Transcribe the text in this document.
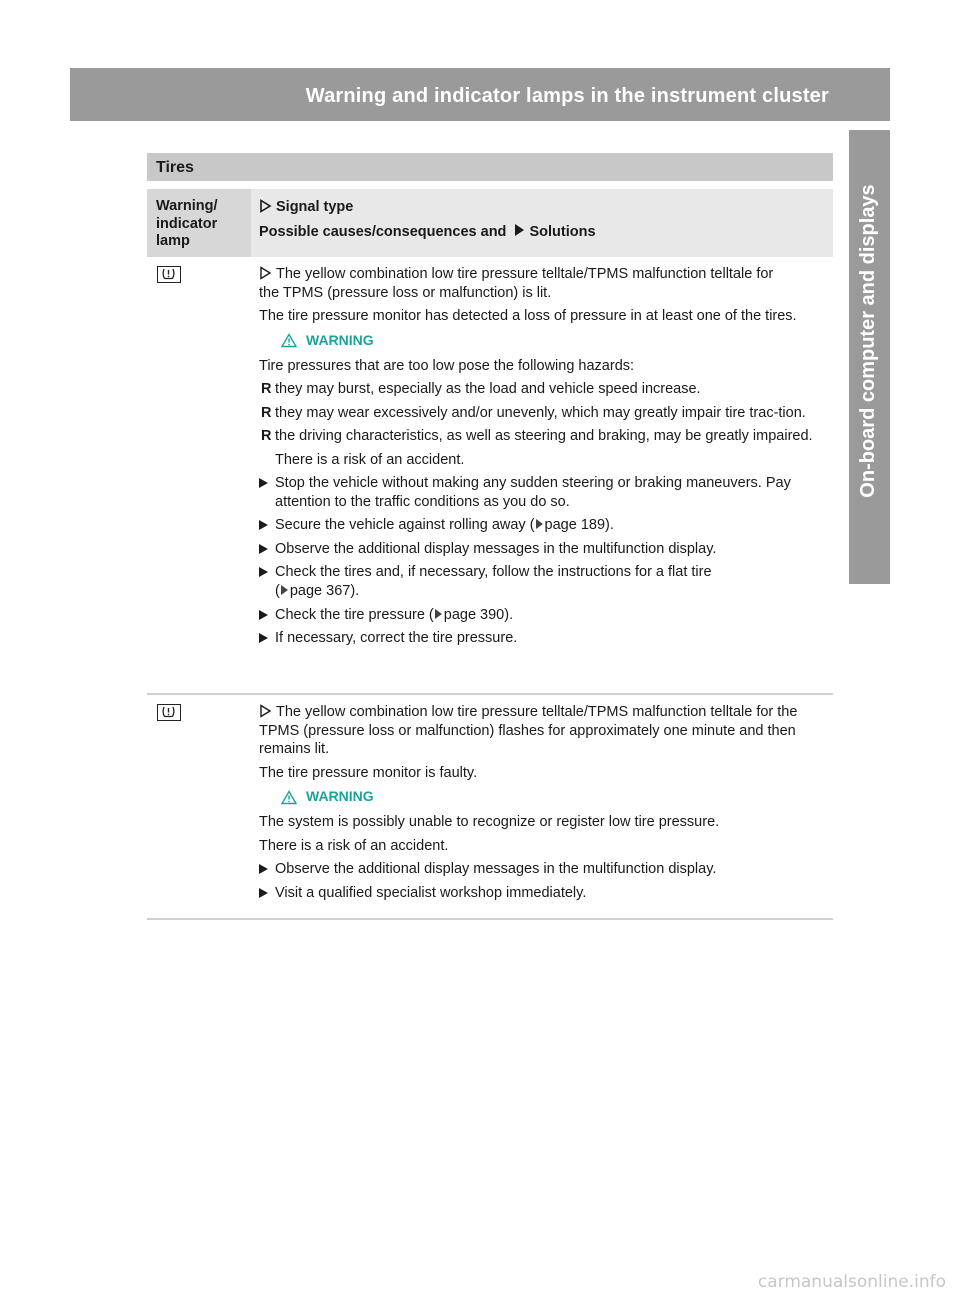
Warning and indicator lamps in the instrument cluster	323
On-board computer and displays
Tires
Warning/
indicator
lamp
Signal type
Possible causes/consequences and Solutions
The yellow combination low tire pressure telltale/TPMS malfunction telltale for
the TPMS (pressure loss or malfunction) is lit.
The tire pressure monitor has detected a loss of pressure in at least one of the tires.
WARNING
Tire pressures that are too low pose the following hazards:
R they may burst, especially as the load and vehicle speed increase.
R they may wear excessively and/or unevenly, which may greatly impair tire trac-tion.
R the driving characteristics, as well as steering and braking, may be greatly impaired.
There is a risk of an accident.
Stop the vehicle without making any sudden steering or braking maneuvers. Pay attention to the traffic conditions as you do so.
Secure the vehicle against rolling away ( page 189).
Observe the additional display messages in the multifunction display.
Check the tires and, if necessary, follow the instructions for a flat tire
( page 367).
Check the tire pressure ( page 390).
If necessary, correct the tire pressure.
The yellow combination low tire pressure telltale/TPMS malfunction telltale for the TPMS (pressure loss or malfunction) flashes for approximately one minute and then remains lit.
The tire pressure monitor is faulty.
WARNING
The system is possibly unable to recognize or register low tire pressure.
There is a risk of an accident.
Observe the additional display messages in the multifunction display.
Visit a qualified specialist workshop immediately.
carmanualsonline.info
